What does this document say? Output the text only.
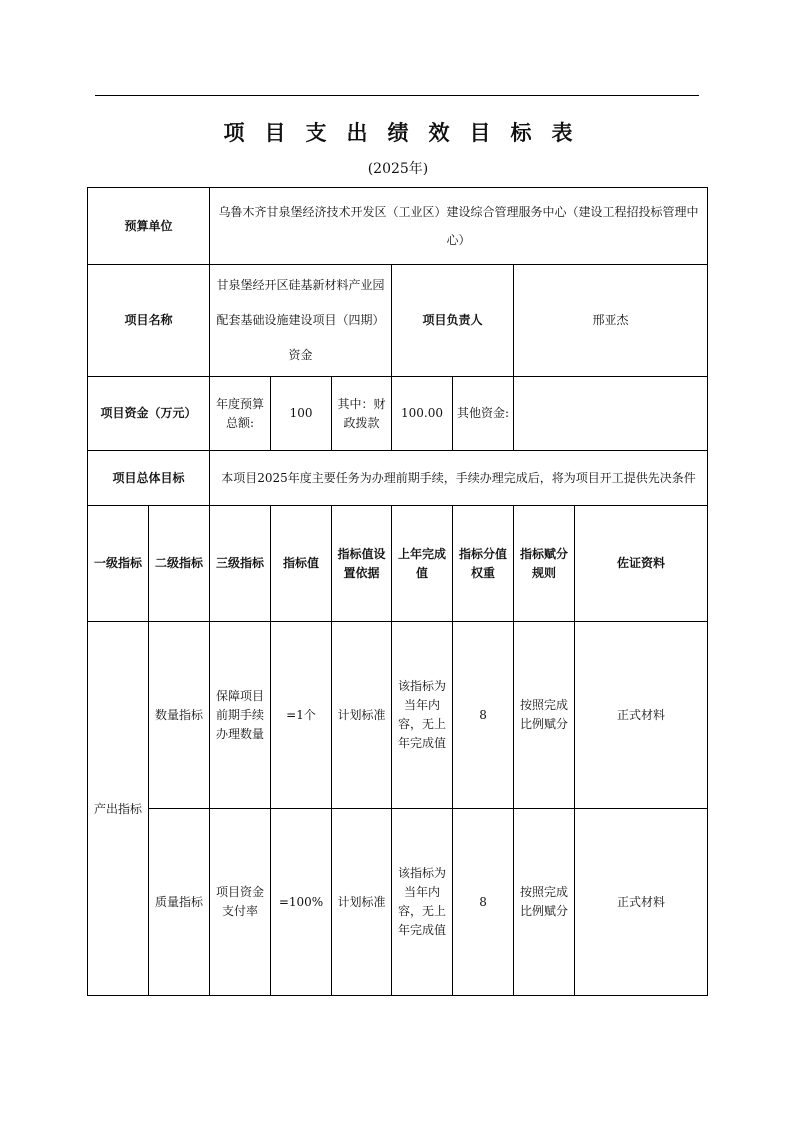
项目支出绩效目标表
(2025年)
预算单位		乌鲁木齐甘泉堡经济技术开发区（工业区）建设综合管理服务中心（建设工程招投标管理中心）						
项目名称		甘泉堡经开区硅基新材料产业园配套基础设施建设项目（四期）资金			项目负责人		邢亚杰	
项目资金（万元）		年度预算总额:	100	其中：财政拨款	100.00	其他资金:		
项目总体目标		本项目2025年度主要任务为办理前期手续，手续办理完成后，将为项目开工提供先决条件						
一级指标	二级指标	三级指标	指标值	指标值设置依据	上年完成值	指标分值权重	指标赋分规则	佐证资料
产出指标	数量指标	保障项目前期手续办理数量	=1个	计划标准	该指标为当年内容，无上年完成值	8	按照完成比例赋分	正式材料
	质量指标	项目资金支付率	=100%	计划标准	该指标为当年内容，无上年完成值	8	按照完成比例赋分	正式材料
